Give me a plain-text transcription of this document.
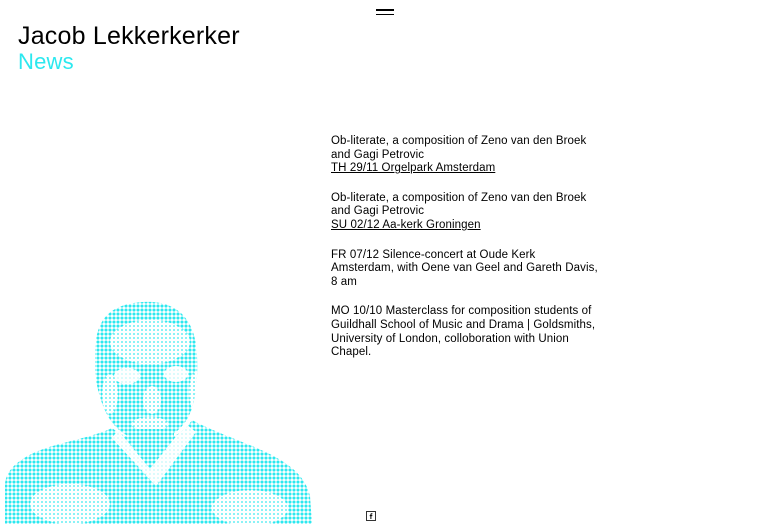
Jacob Lekkerkerker
News
Ob-literate, a composition of Zeno van den Broek and Gagi Petrovic
TH 29/11 Orgelpark Amsterdam
Ob-literate, a composition of Zeno van den Broek and Gagi Petrovic
SU 02/12 Aa-kerk Groningen
FR 07/12 Silence-concert at Oude Kerk Amsterdam, with Oene van Geel and Gareth Davis, 8 am
MO 10/10 Masterclass for composition students of Guildhall School of Music and Drama | Goldsmiths, University of London, colloboration with Union Chapel.
